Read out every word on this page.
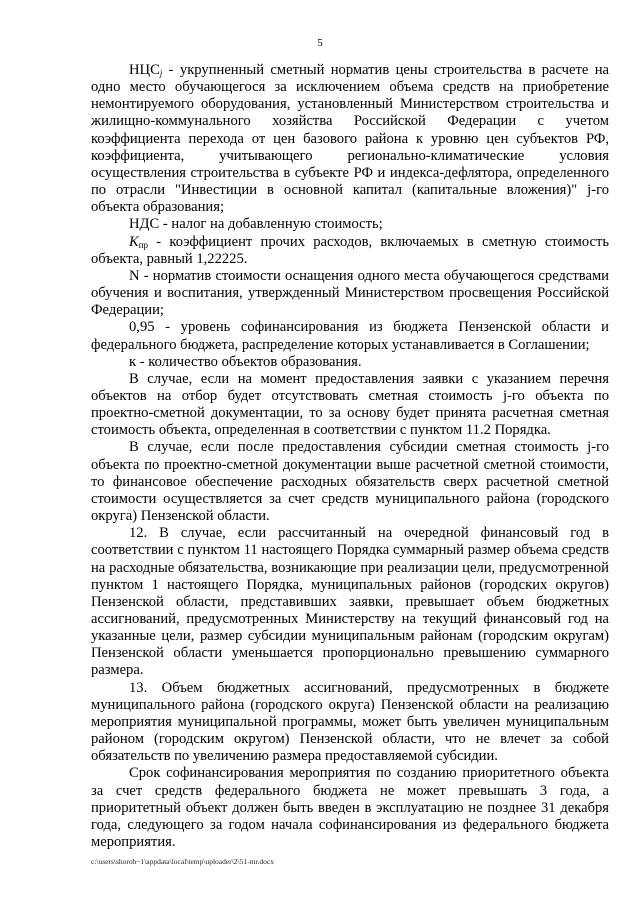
5

$НЦС_j$ - укрупненный сметный норматив цены строительства в расчете на одно место обучающегося за исключением объема средств на приобретение немонтируемого оборудования, установленный Министерством строительства и жилищно-коммунального хозяйства Российской Федерации с учетом коэффициента перехода от цен базового района к уровню цен субъектов РФ, коэффициента, учитывающего регионально-климатические условия осуществления строительства в субъекте РФ и индекса-дефлятора, определенного по отрасли "Инвестиции в основной капитал (капитальные вложения)" j-го объекта образования;

НДС - налог на добавленную стоимость;

$К_{пр}$ - коэффициент прочих расходов, включаемых в сметную стоимость объекта, равный 1,22225.

N - норматив стоимости оснащения одного места обучающегося средствами обучения и воспитания, утвержденный Министерством просвещения Российской Федерации;

0,95 - уровень софинансирования из бюджета Пензенской области и федерального бюджета, распределение которых устанавливается в Соглашении;

к - количество объектов образования.

В случае, если на момент предоставления заявки с указанием перечня объектов на отбор будет отсутствовать сметная стоимость j-го объекта по проектно-сметной документации, то за основу будет принята расчетная сметная стоимость объекта, определенная в соответствии с пунктом 11.2 Порядка.

В случае, если после предоставления субсидии сметная стоимость j-го объекта по проектно-сметной документации выше расчетной сметной стоимости, то финансовое обеспечение расходных обязательств сверх расчетной сметной стоимости осуществляется за счет средств муниципального района (городского округа) Пензенской области.

12. В случае, если рассчитанный на очередной финансовый год в соответствии с пунктом 11 настоящего Порядка суммарный размер объема средств на расходные обязательства, возникающие при реализации цели, предусмотренной пунктом 1 настоящего Порядка, муниципальных районов (городских округов) Пензенской области, представивших заявки, превышает объем бюджетных ассигнований, предусмотренных Министерству на текущий финансовый год на указанные цели, размер субсидии муниципальным районам (городским округам) Пензенской области уменьшается пропорционально превышению суммарного размера.

13. Объем бюджетных ассигнований, предусмотренных в бюджете муниципального района (городского округа) Пензенской области на реализацию мероприятия муниципальной программы, может быть увеличен муниципальным районом (городским округом) Пензенской области, что не влечет за собой обязательств по увеличению размера предоставляемой субсидии.

Срок софинансирования мероприятия по созданию приоритетного объекта за счет средств федерального бюджета не может превышать 3 года, а приоритетный объект должен быть введен в эксплуатацию не позднее 31 декабря года, следующего за годом начала софинансирования из федерального бюджета мероприятия.

c:\users\shoroh~1\appdata\local\temp\uploader\2\51-mr.docx
